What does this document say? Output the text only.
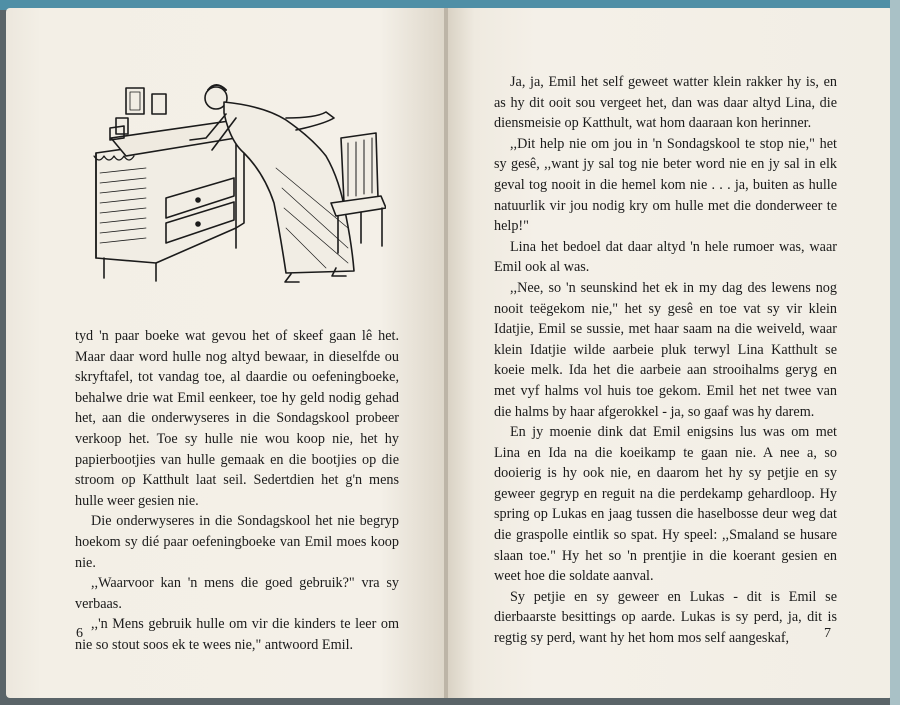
tyd 'n paar boeke wat gevou het of skeef gaan lê het. Maar daar word hulle nog altyd bewaar, in dieselfde ou skryftafel, tot vandag toe, al daardie ou oefeningboeke, behalwe drie wat Emil eenkeer, toe hy geld nodig gehad het, aan die onderwyseres in die Sondagskool probeer verkoop het. Toe sy hulle nie wou koop nie, het hy papierbootjies van hulle gemaak en die bootjies op die stroom op Katthult laat seil. Sedertdien het g'n mens hulle weer gesien nie.

Die onderwyseres in die Sondagskool het nie begryp hoekom sy dié paar oefeningboeke van Emil moes koop nie.

,,Waarvoor kan 'n mens die goed gebruik?" vra sy verbaas.

,,'n Mens gebruik hulle om vir die kinders te leer om nie so stout soos ek te wees nie," antwoord Emil.

6

Ja, ja, Emil het self geweet watter klein rakker hy is, en as hy dit ooit sou vergeet het, dan was daar altyd Lina, die diensmeisie op Katthult, wat hom daaraan kon herinner.

,,Dit help nie om jou in 'n Sondagskool te stop nie," het sy gesê, ,,want jy sal tog nie beter word nie en jy sal in elk geval tog nooit in die hemel kom nie . . . ja, buiten as hulle natuurlik vir jou nodig kry om hulle met die donderweer te help!"

Lina het bedoel dat daar altyd 'n hele rumoer was, waar Emil ook al was.

,,Nee, so 'n seunskind het ek in my dag des lewens nog nooit teëgekom nie," het sy gesê en toe vat sy vir klein Idatjie, Emil se sussie, met haar saam na die weiveld, waar klein Idatjie wilde aarbeie pluk terwyl Lina Katthult se koeie melk. Ida het die aarbeie aan strooihalms geryg en met vyf halms vol huis toe gekom. Emil het net twee van die halms by haar afgerokkel - ja, so gaaf was hy darem.

En jy moenie dink dat Emil enigsins lus was om met Lina en Ida na die koeikamp te gaan nie. A nee a, so dooierig is hy ook nie, en daarom het hy sy petjie en sy geweer gegryp en reguit na die perdekamp gehardloop. Hy spring op Lukas en jaag tussen die haselbosse deur weg dat die graspolle eintlik so spat. Hy speel: ,,Smaland se husare slaan toe." Hy het so 'n prentjie in die koerant gesien en weet hoe die soldate aanval.

Sy petjie en sy geweer en Lukas - dit is Emil se dierbaarste besittings op aarde. Lukas is sy perd, ja, dit is regtig sy perd, want hy het hom mos self aangeskaf,	7
